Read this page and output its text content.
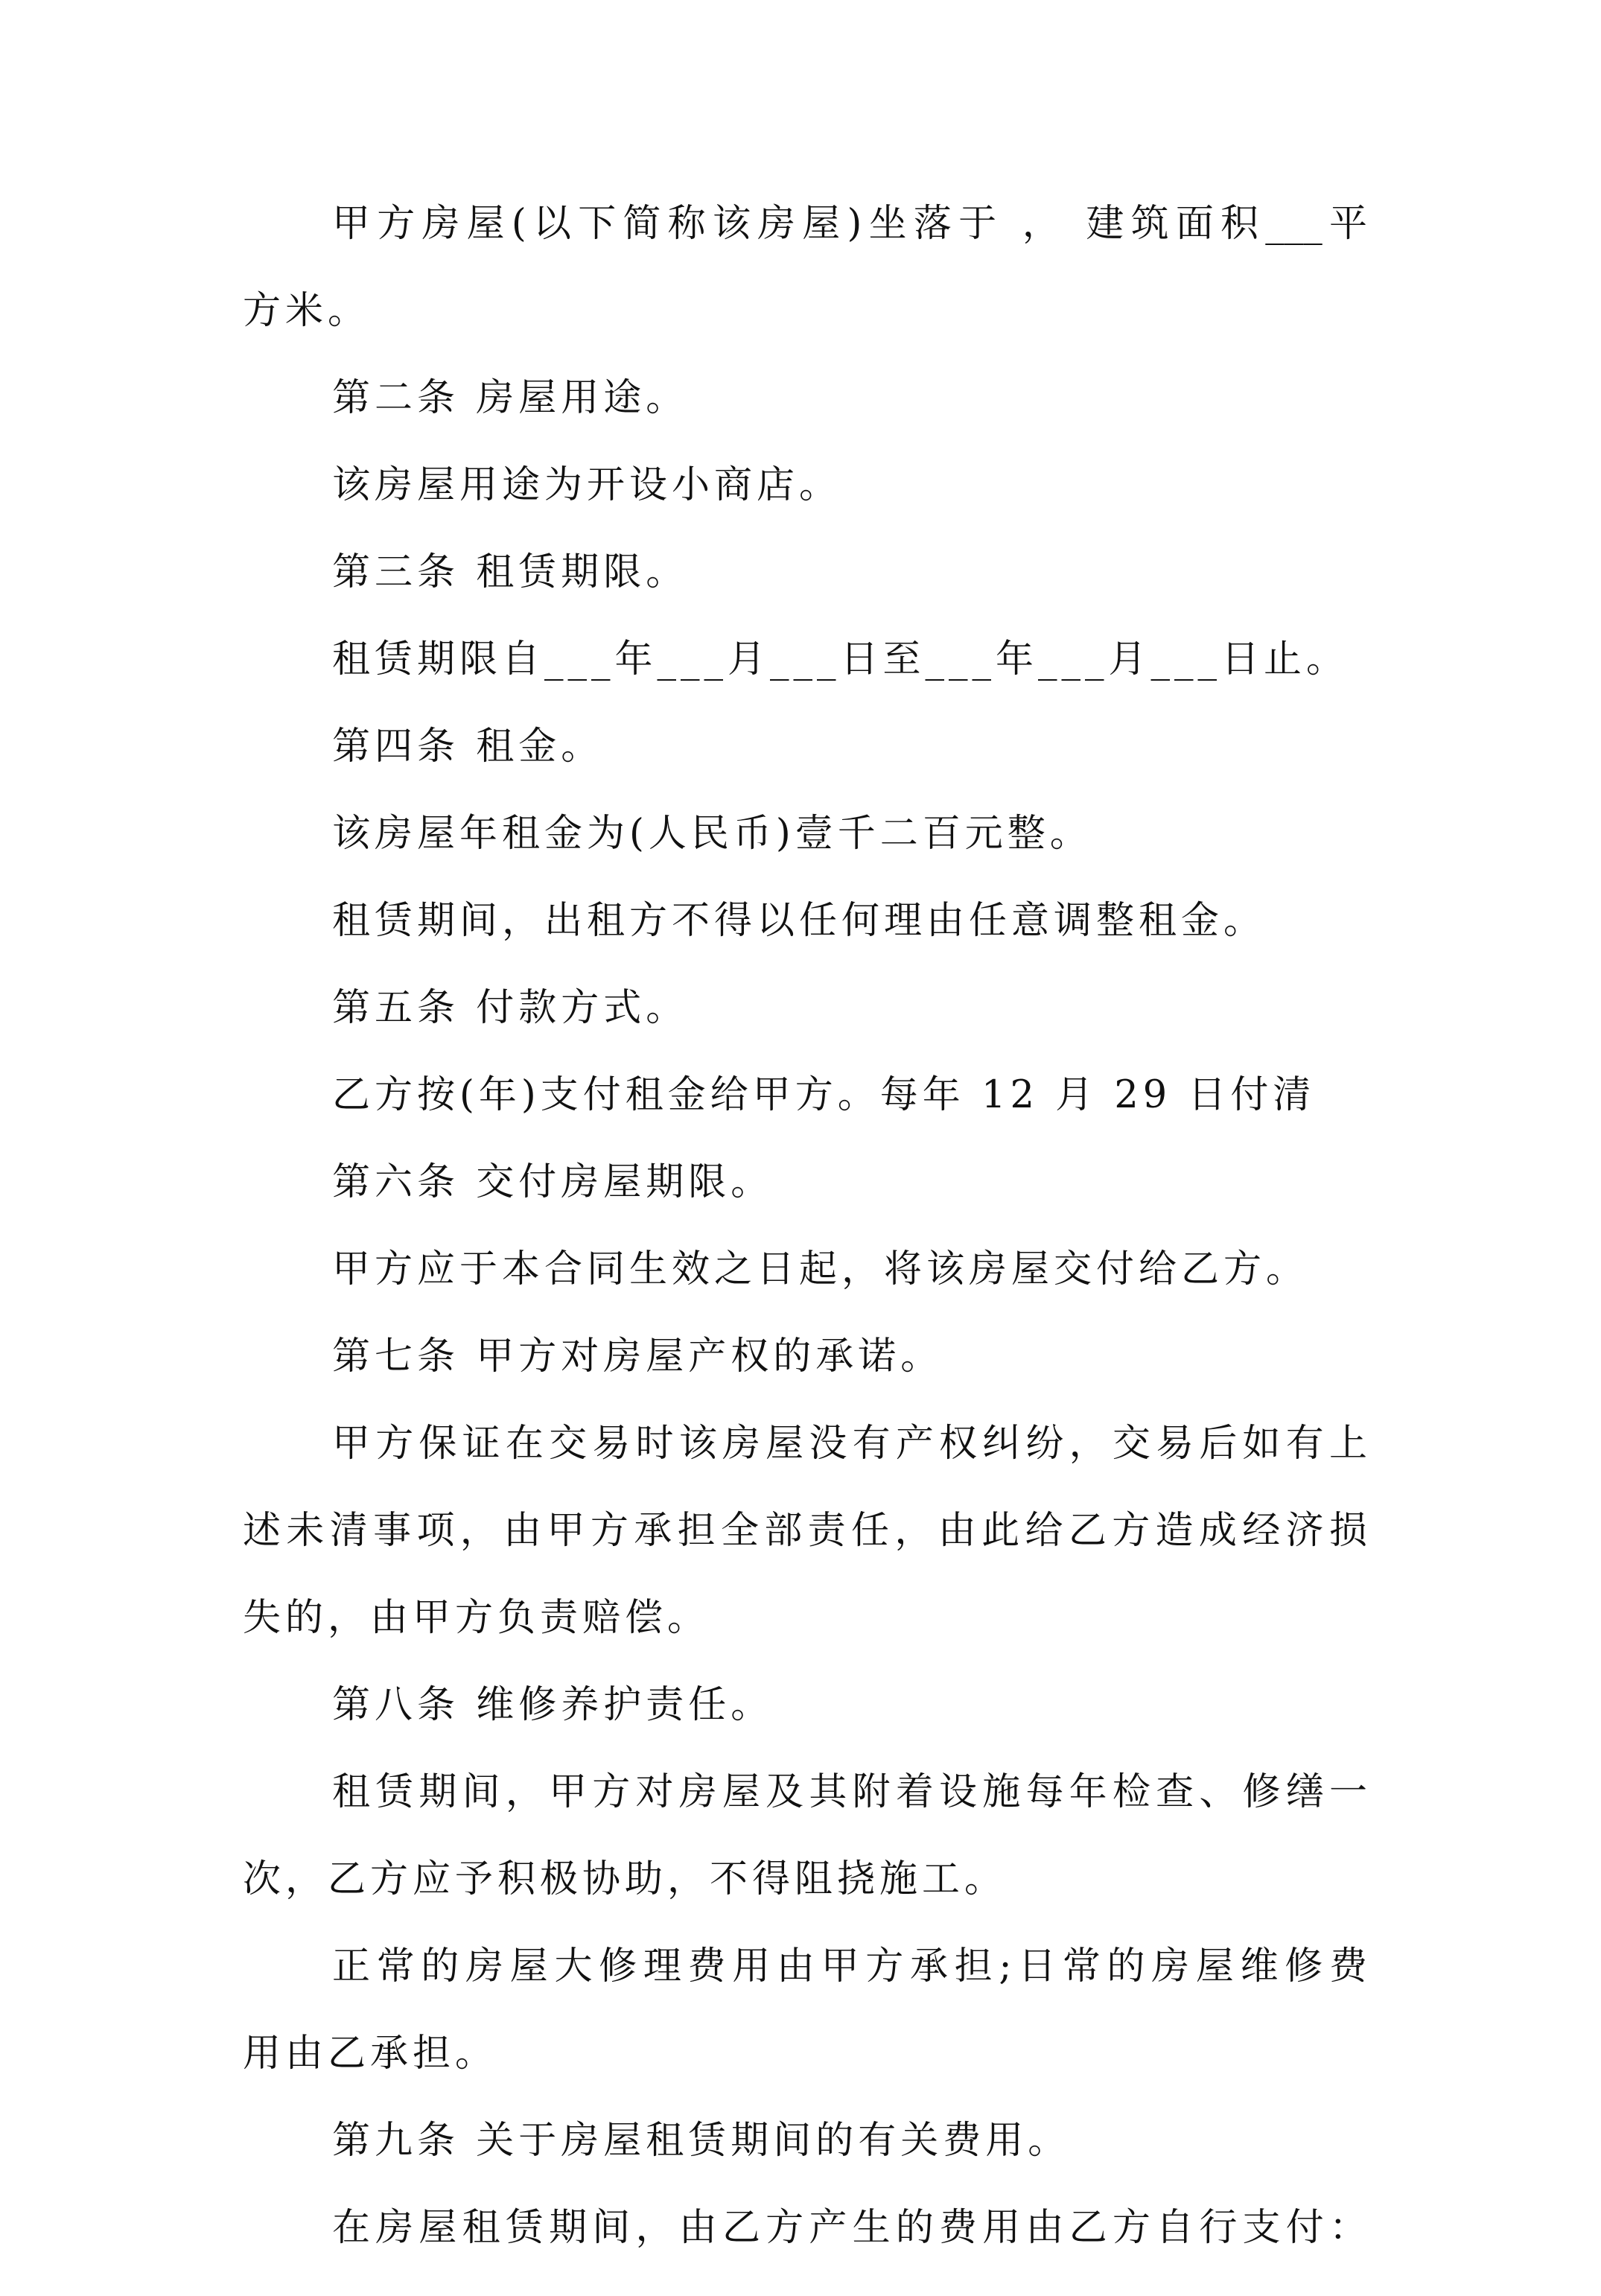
甲方房屋(以下简称该房屋)坐落于 ， 建筑面积___平
方米。
第二条 房屋用途。
该房屋用途为开设小商店。
第三条 租赁期限。
租赁期限自___年___月___日至___年___月___日止。
第四条 租金。
该房屋年租金为(人民币)壹千二百元整。
租赁期间，出租方不得以任何理由任意调整租金。
第五条 付款方式。
乙方按(年)支付租金给甲方。每年 12 月 29 日付清
第六条 交付房屋期限。
甲方应于本合同生效之日起，将该房屋交付给乙方。
第七条 甲方对房屋产权的承诺。
甲方保证在交易时该房屋没有产权纠纷，交易后如有上
述未清事项，由甲方承担全部责任，由此给乙方造成经济损
失的，由甲方负责赔偿。
第八条 维修养护责任。
租赁期间，甲方对房屋及其附着设施每年检查、修缮一
次，乙方应予积极协助，不得阻挠施工。
正常的房屋大修理费用由甲方承担;日常的房屋维修费
用由乙承担。
第九条 关于房屋租赁期间的有关费用。
在房屋租赁期间，由乙方产生的费用由乙方自行支付：
